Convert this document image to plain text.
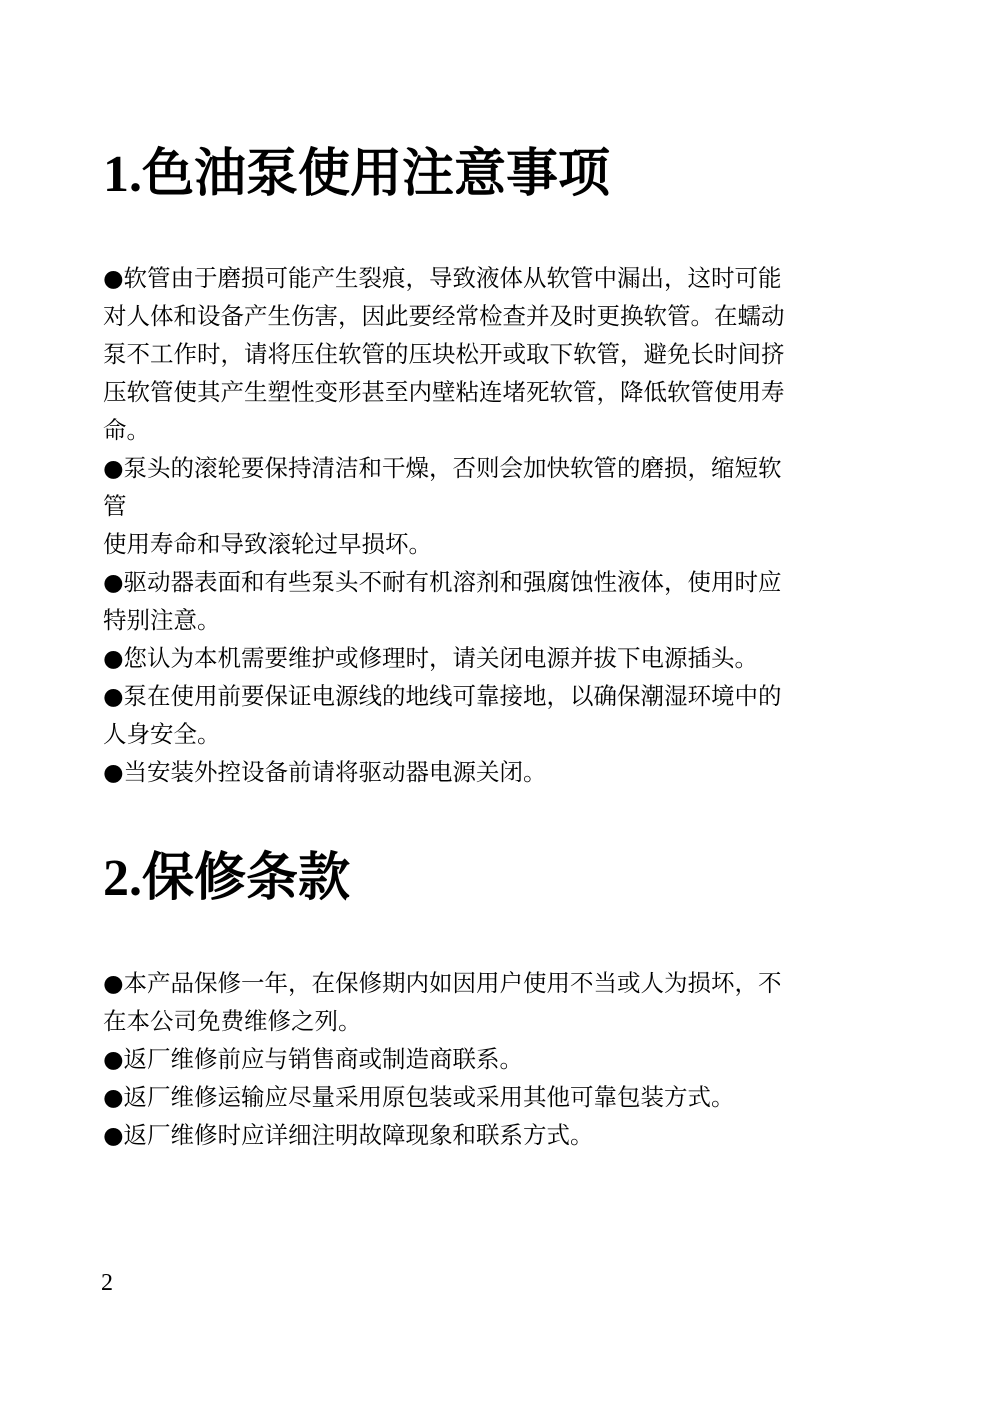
1.色油泵使用注意事项
●软管由于磨损可能产生裂痕，导致液体从软管中漏出，这时可能
对人体和设备产生伤害，因此要经常检查并及时更换软管。在蠕动
泵不工作时，请将压住软管的压块松开或取下软管，避免长时间挤
压软管使其产生塑性变形甚至内壁粘连堵死软管，降低软管使用寿
命。
●泵头的滚轮要保持清洁和干燥，否则会加快软管的磨损，缩短软
管
使用寿命和导致滚轮过早损坏。
●驱动器表面和有些泵头不耐有机溶剂和强腐蚀性液体，使用时应
特别注意。
●您认为本机需要维护或修理时，请关闭电源并拔下电源插头。
●泵在使用前要保证电源线的地线可靠接地，以确保潮湿环境中的
人身安全。
●当安装外控设备前请将驱动器电源关闭。
2.保修条款
●本产品保修一年，在保修期内如因用户使用不当或人为损坏，不
在本公司免费维修之列。
●返厂维修前应与销售商或制造商联系。
●返厂维修运输应尽量采用原包装或采用其他可靠包装方式。
●返厂维修时应详细注明故障现象和联系方式。
2
